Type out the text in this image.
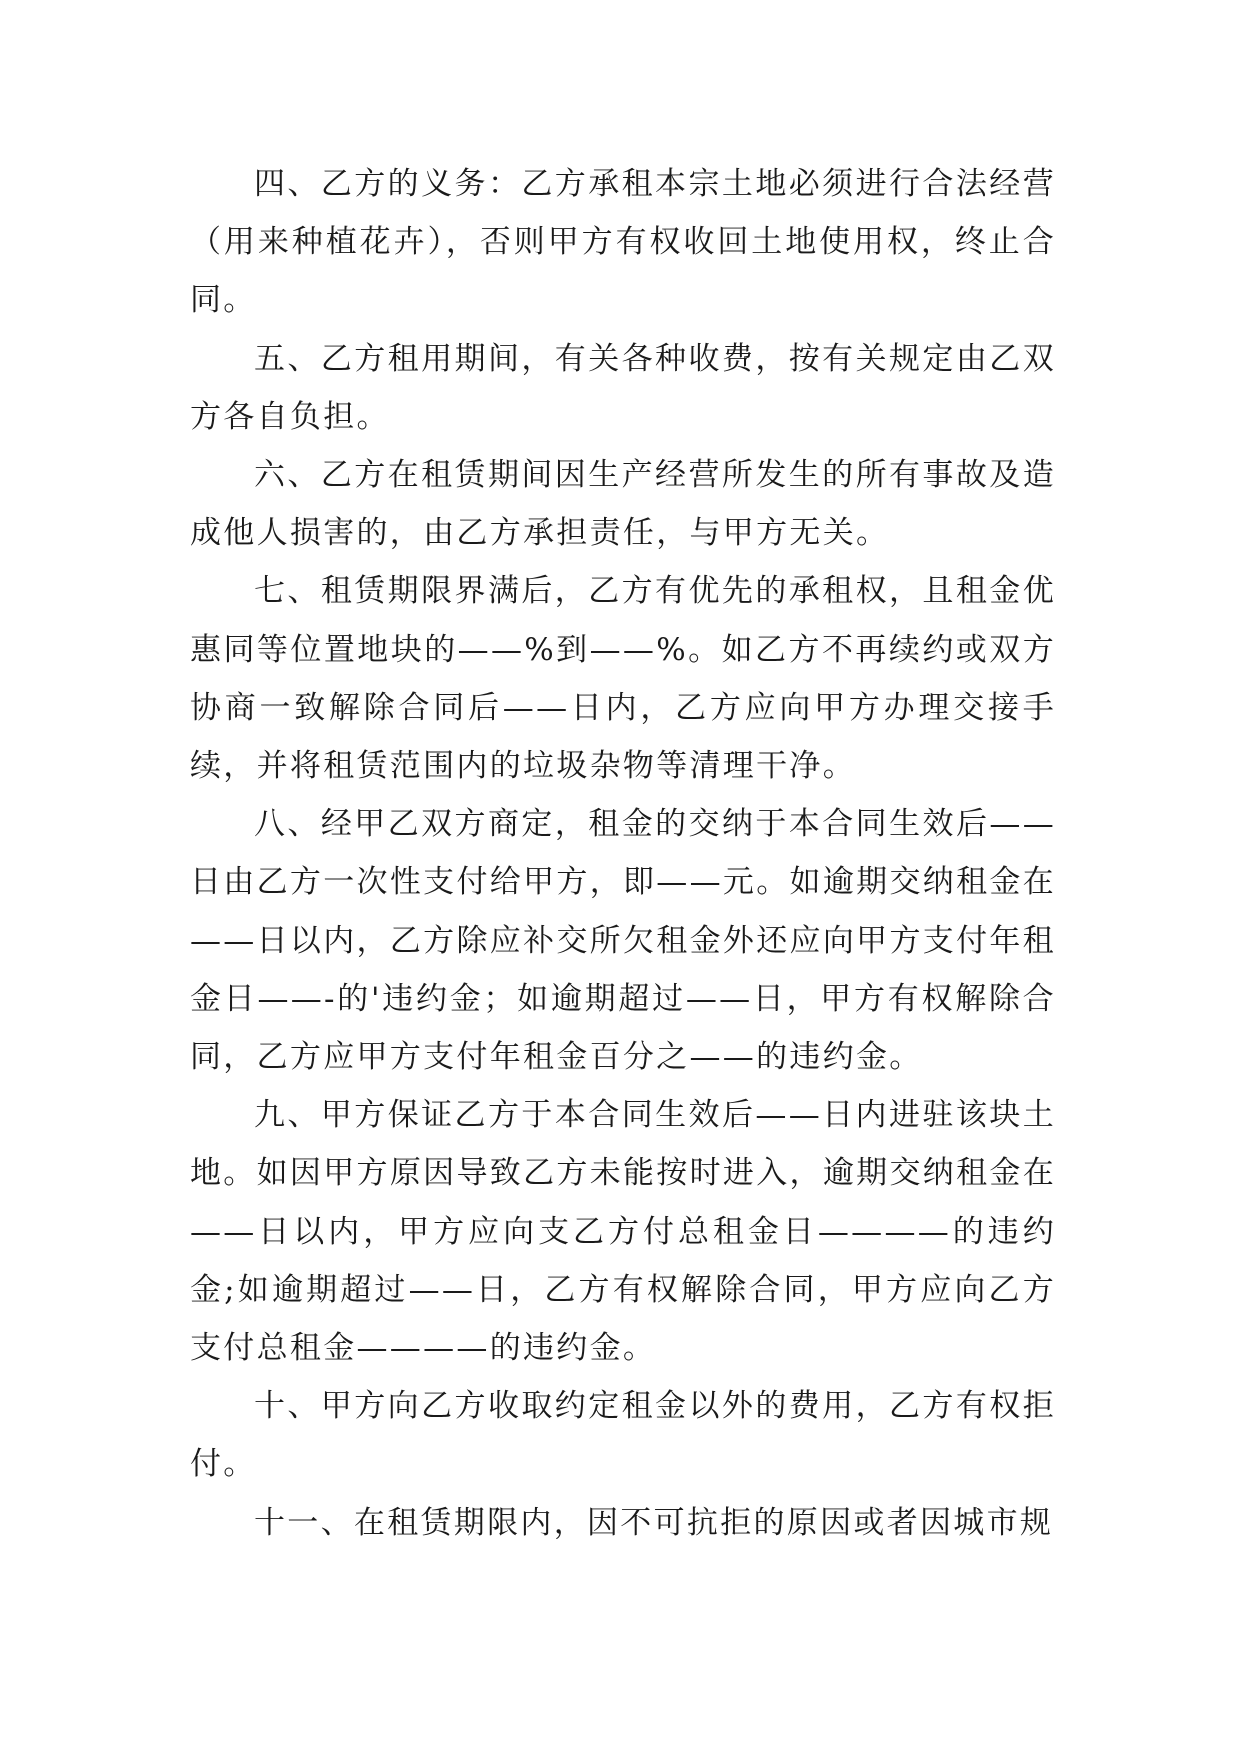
四、乙方的义务：乙方承租本宗土地必须进行合法经营（用来种植花卉），否则甲方有权收回土地使用权，终止合同。

五、乙方租用期间，有关各种收费，按有关规定由乙双方各自负担。

六、乙方在租赁期间因生产经营所发生的所有事故及造成他人损害的，由乙方承担责任，与甲方无关。

七、租赁期限界满后，乙方有优先的承租权，且租金优惠同等位置地块的——%到——%。如乙方不再续约或双方协商一致解除合同后——日内，乙方应向甲方办理交接手续，并将租赁范围内的垃圾杂物等清理干净。

八、经甲乙双方商定，租金的交纳于本合同生效后——日由乙方一次性支付给甲方，即——元。如逾期交纳租金在——日以内，乙方除应补交所欠租金外还应向甲方支付年租金日——-的'违约金；如逾期超过——日，甲方有权解除合同，乙方应甲方支付年租金百分之——的违约金。

九、甲方保证乙方于本合同生效后——日内进驻该块土地。如因甲方原因导致乙方未能按时进入，逾期交纳租金在——日以内，甲方应向支乙方付总租金日————的违约金;如逾期超过——日，乙方有权解除合同，甲方应向乙方支付总租金————的违约金。

十、甲方向乙方收取约定租金以外的费用，乙方有权拒付。

十一、在租赁期限内，因不可抗拒的原因或者因城市规
